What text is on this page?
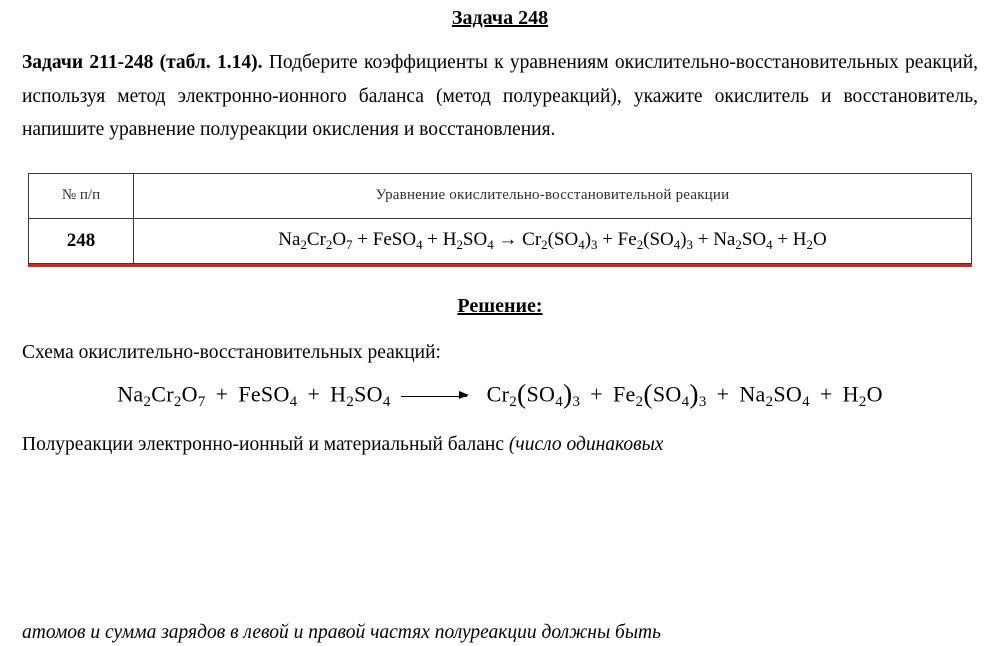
Задача 248

Задачи 211-248 (табл. 1.14). Подберите коэффициенты к уравнениям окислительно-восстановительных реакций, используя метод электронно-ионного баланса (метод полуреакций), укажите окислитель и восстановитель, напишите уравнение полуреакции окисления и восстановления.

№ п/п	Уравнение окислительно-восстановительной реакции
248	$Na_2Cr_2O_7$ + FeSO$_4$ + $H_2SO_4 \to Cr_2(SO_4)_3 + Fe_2(SO_4)_3 + Na_2SO_4 + H_2O$
Решение:

Схема окислительно-восстановительных реакций:

$Na_2Cr_2O_7$ + FeSO$_4$ + $H_2SO_4$	$Cr_2(SO_4)_3 + Fe_2(SO_4)_3 + Na_2SO_4 + H_2O$

Полуреакции электронно-ионный и материальный баланс (число одинаковых

атомов и сумма зарядов в левой и правой частях полуреакции должны быть
